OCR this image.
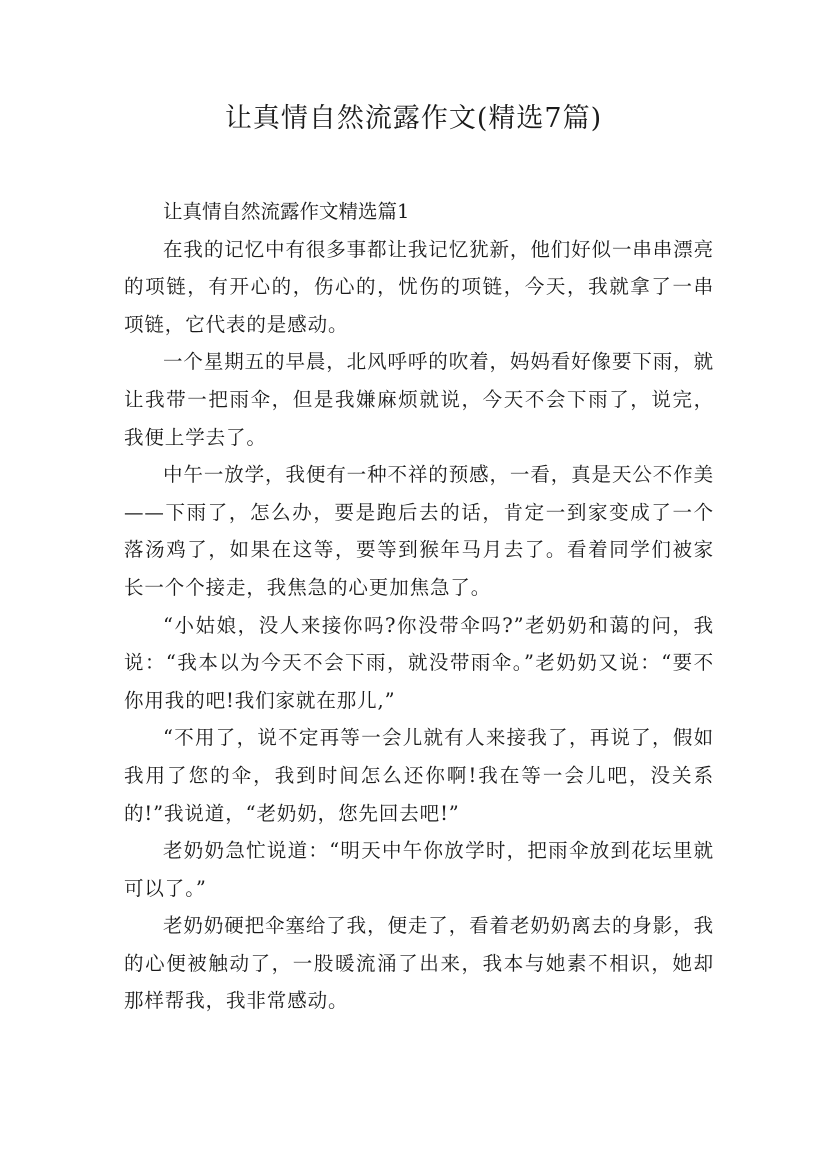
让真情自然流露作文(精选7篇)
让真情自然流露作文精选篇1

在我的记忆中有很多事都让我记忆犹新，他们好似一串串漂亮的项链，有开心的，伤心的，忧伤的项链，今天，我就拿了一串项链，它代表的是感动。

一个星期五的早晨，北风呼呼的吹着，妈妈看好像要下雨，就让我带一把雨伞，但是我嫌麻烦就说，今天不会下雨了，说完，我便上学去了。

中午一放学，我便有一种不祥的预感，一看，真是天公不作美——下雨了，怎么办，要是跑后去的话，肯定一到家变成了一个落汤鸡了，如果在这等，要等到猴年马月去了。看着同学们被家长一个个接走，我焦急的心更加焦急了。

“小姑娘，没人来接你吗?你没带伞吗?”老奶奶和蔼的问，我说：“我本以为今天不会下雨，就没带雨伞。”老奶奶又说：“要不你用我的吧!我们家就在那儿,”

“不用了，说不定再等一会儿就有人来接我了，再说了，假如我用了您的伞，我到时间怎么还你啊!我在等一会儿吧，没关系的!”我说道，“老奶奶，您先回去吧!”

老奶奶急忙说道：“明天中午你放学时，把雨伞放到花坛里就可以了。”

老奶奶硬把伞塞给了我，便走了，看着老奶奶离去的身影，我的心便被触动了，一股暖流涌了出来，我本与她素不相识，她却那样帮我，我非常感动。
